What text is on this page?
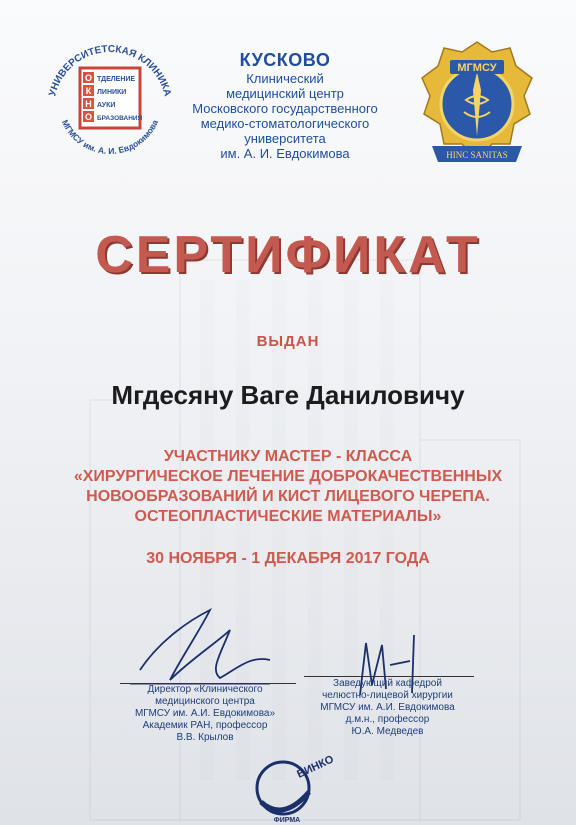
УНИВЕРСИТЕТСКАЯ КЛИНИКА
МГМСУ им. А. И. Евдокимова
О ТДЕЛЕНИЕ
К ЛИНИКИ
Н АУКИ
О БРАЗОВАНИЯ
КУСКОВО
Клинический
медицинский центр
Московского государственного
медико-стоматологического
университета
им. А. И. Евдокимова
МГМСУ
HINC SANITAS
СЕРТИФИКАТ
ВЫДАН
Мгдесяну Ваге Даниловичу
УЧАСТНИКУ МАСТЕР - КЛАССА
«ХИРУРГИЧЕСКОЕ ЛЕЧЕНИЕ ДОБРОКАЧЕСТВЕННЫХ
НОВООБРАЗОВАНИЙ И КИСТ ЛИЦЕВОГО ЧЕРЕПА.
ОСТЕОПЛАСТИЧЕСКИЕ МАТЕРИАЛЫ»
30 НОЯБРЯ - 1 ДЕКАБРЯ 2017 ГОДА
Директор «Клинического
медицинского центра
МГМСУ им. А.И. Евдокимова»
Академик РАН, профессор
В.В. Крылов
Заведующий кафедрой
челюстно-лицевой хирургии
МГМСУ им. А.И. Евдокимова
д.м.н., профессор
Ю.А. Медведев
ВИНКО
ФИРМА
